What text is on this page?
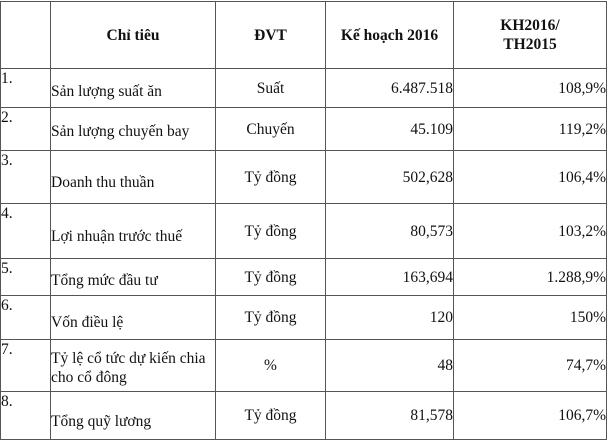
	Chỉ tiêu	ĐVT	Kế hoạch 2016	KH2016/
TH2015

1.	Sản lượng suất ăn	Suất	6.487.518	108,9%
2.	Sản lượng chuyến bay	Chuyến	45.109	119,2%
3.	Doanh thu thuần	Tỷ đồng	502,628	106,4%
4.	Lợi nhuận trước thuế	Tỷ đồng	80,573	103,2%
5.	Tổng mức đầu tư	Tỷ đồng	163,694	1.288,9%
6.	Vốn điều lệ	Tỷ đồng	120	150%
7.	Tỷ lệ cổ tức dự kiến chia cho cổ đông	%	48	74,7%
8.	Tổng quỹ lương	Tỷ đồng	81,578	106,7%
